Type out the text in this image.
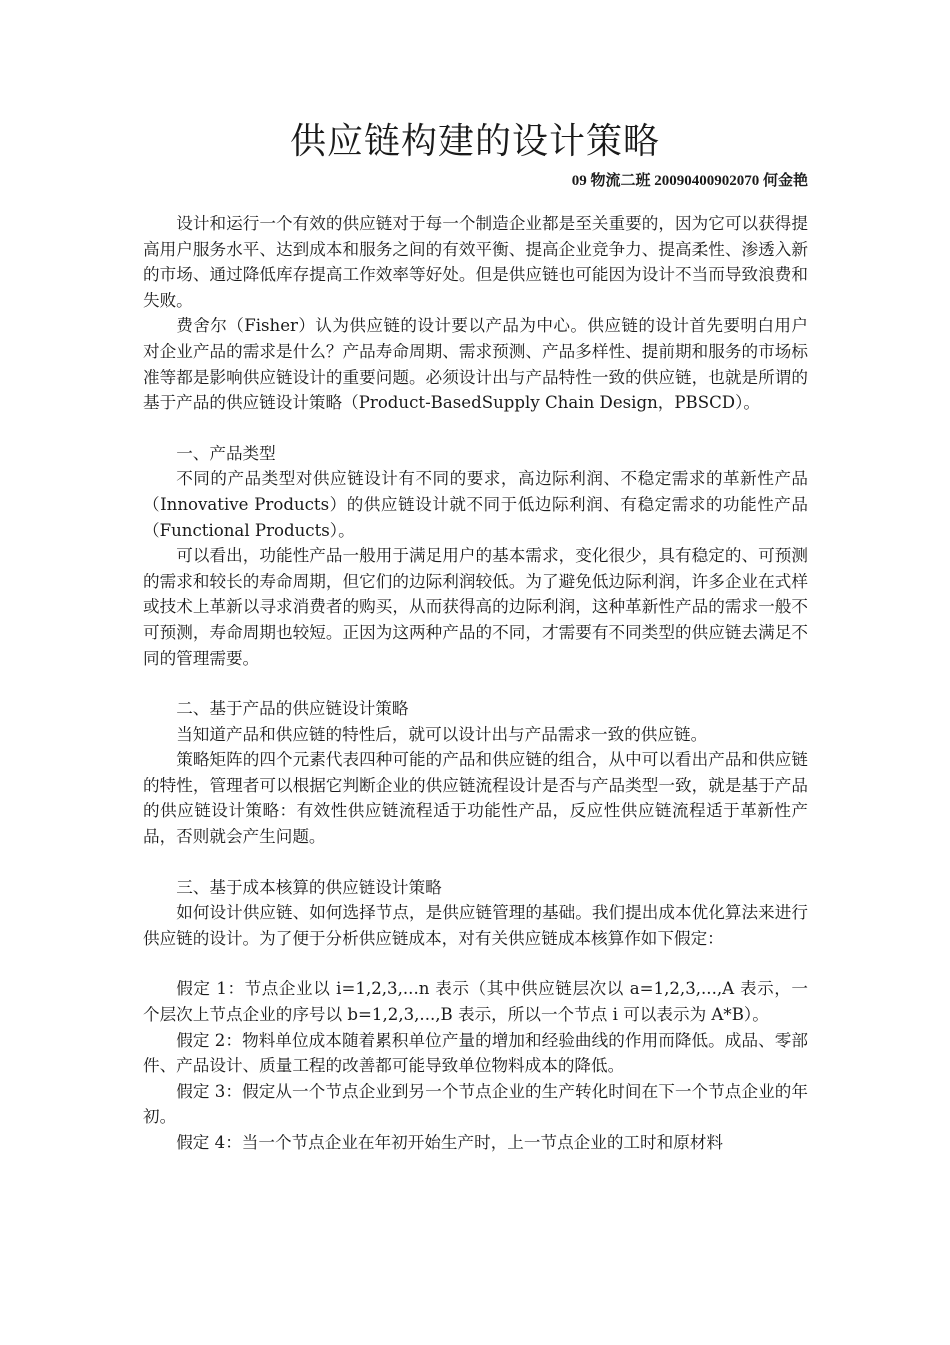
供应链构建的设计策略
09 物流二班 20090400902070 何金艳

设计和运行一个有效的供应链对于每一个制造企业都是至关重要的，因为它可以获得提高用户服务水平、达到成本和服务之间的有效平衡、提高企业竞争力、提高柔性、渗透入新的市场、通过降低库存提高工作效率等好处。但是供应链也可能因为设计不当而导致浪费和失败。

费舍尔（Fisher）认为供应链的设计要以产品为中心。供应链的设计首先要明白用户对企业产品的需求是什么？产品寿命周期、需求预测、产品多样性、提前期和服务的市场标准等都是影响供应链设计的重要问题。必须设计出与产品特性一致的供应链，也就是所谓的基于产品的供应链设计策略（Product-BasedSupply Chain Design，PBSCD）。

一、产品类型

不同的产品类型对供应链设计有不同的要求，高边际利润、不稳定需求的革新性产品（Innovative Products）的供应链设计就不同于低边际利润、有稳定需求的功能性产品（Functional Products）。

可以看出，功能性产品一般用于满足用户的基本需求，变化很少，具有稳定的、可预测的需求和较长的寿命周期，但它们的边际利润较低。为了避免低边际利润，许多企业在式样或技术上革新以寻求消费者的购买，从而获得高的边际利润，这种革新性产品的需求一般不可预测，寿命周期也较短。正因为这两种产品的不同，才需要有不同类型的供应链去满足不同的管理需要。

二、基于产品的供应链设计策略

当知道产品和供应链的特性后，就可以设计出与产品需求一致的供应链。

策略矩阵的四个元素代表四种可能的产品和供应链的组合，从中可以看出产品和供应链的特性，管理者可以根据它判断企业的供应链流程设计是否与产品类型一致，就是基于产品的供应链设计策略：有效性供应链流程适于功能性产品，反应性供应链流程适于革新性产品，否则就会产生问题。

三、基于成本核算的供应链设计策略

如何设计供应链、如何选择节点，是供应链管理的基础。我们提出成本优化算法来进行供应链的设计。为了便于分析供应链成本，对有关供应链成本核算作如下假定：

假定 1：节点企业以 i=1,2,3,...n 表示（其中供应链层次以 a=1,2,3,...,A 表示，一个层次上节点企业的序号以 b=1,2,3,...,B 表示，所以一个节点 i 可以表示为 A*B）。

假定 2：物料单位成本随着累积单位产量的增加和经验曲线的作用而降低。成品、零部件、产品设计、质量工程的改善都可能导致单位物料成本的降低。

假定 3：假定从一个节点企业到另一个节点企业的生产转化时间在下一个节点企业的年初。

假定 4：当一个节点企业在年初开始生产时，上一节点企业的工时和原材料
